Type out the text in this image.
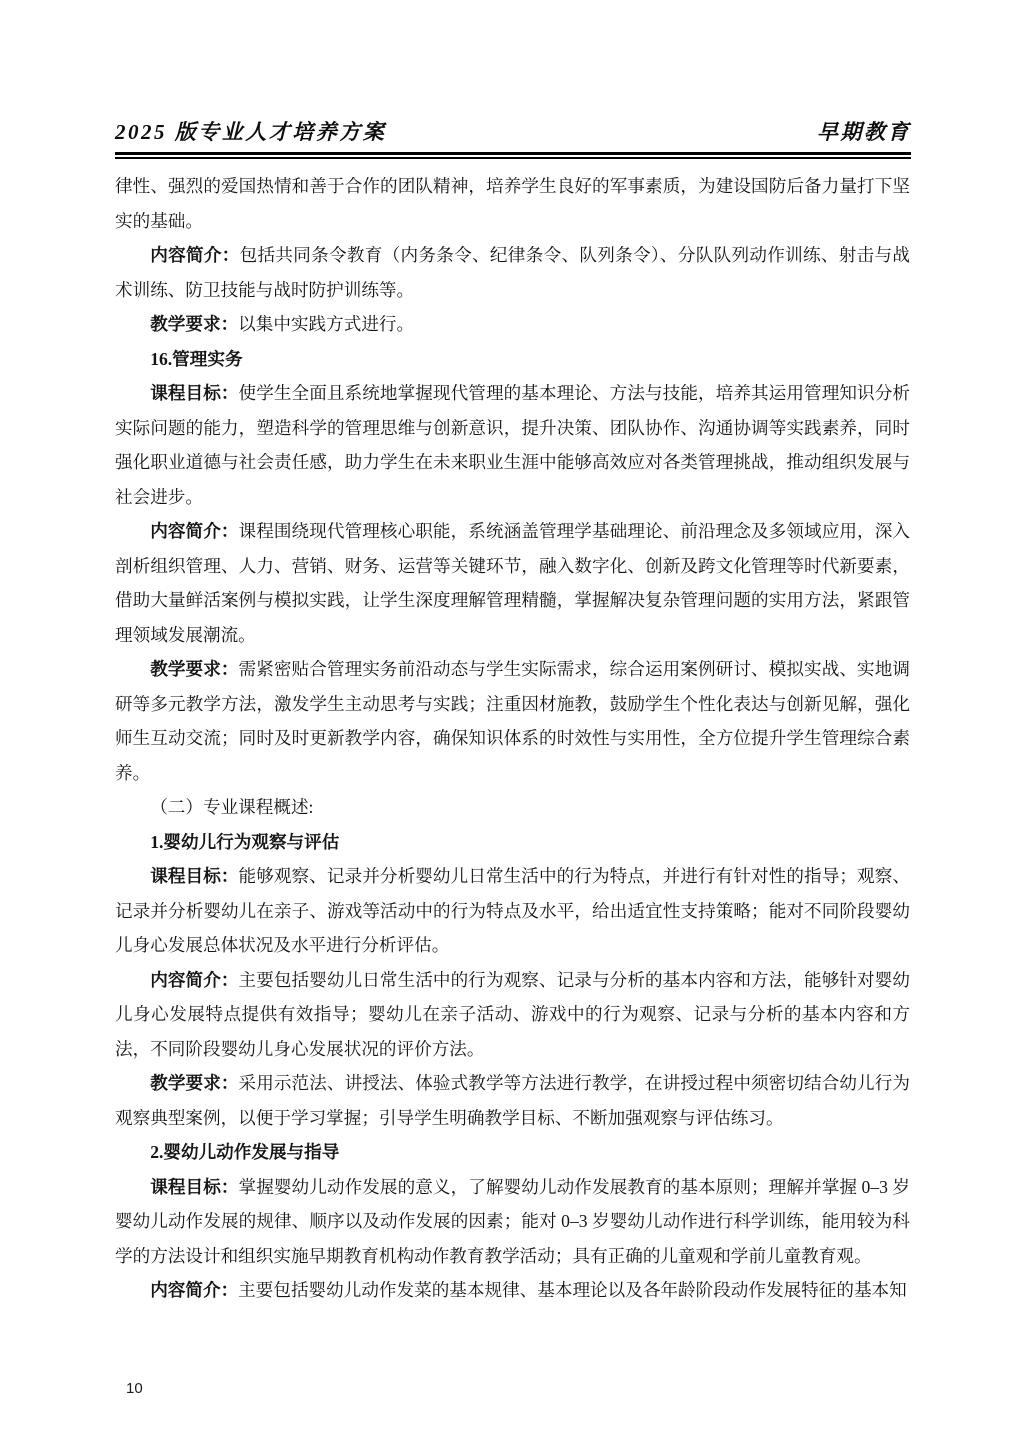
2025 版专业人才培养方案	早期教育

律性、强烈的爱国热情和善于合作的团队精神，培养学生良好的军事素质，为建设国防后备力量打下坚实的基础。

内容简介：包括共同条令教育（内务条令、纪律条令、队列条令）、分队队列动作训练、射击与战术训练、防卫技能与战时防护训练等。

教学要求：以集中实践方式进行。

16.管理实务

课程目标：使学生全面且系统地掌握现代管理的基本理论、方法与技能，培养其运用管理知识分析实际问题的能力，塑造科学的管理思维与创新意识，提升决策、团队协作、沟通协调等实践素养，同时强化职业道德与社会责任感，助力学生在未来职业生涯中能够高效应对各类管理挑战，推动组织发展与社会进步。

内容简介：课程围绕现代管理核心职能，系统涵盖管理学基础理论、前沿理念及多领域应用，深入剖析组织管理、人力、营销、财务、运营等关键环节，融入数字化、创新及跨文化管理等时代新要素，借助大量鲜活案例与模拟实践，让学生深度理解管理精髓，掌握解决复杂管理问题的实用方法，紧跟管理领域发展潮流。

教学要求：需紧密贴合管理实务前沿动态与学生实际需求，综合运用案例研讨、模拟实战、实地调研等多元教学方法，激发学生主动思考与实践；注重因材施教，鼓励学生个性化表达与创新见解，强化师生互动交流；同时及时更新教学内容，确保知识体系的时效性与实用性，全方位提升学生管理综合素养。

（二）专业课程概述:

1.婴幼儿行为观察与评估

课程目标：能够观察、记录并分析婴幼儿日常生活中的行为特点，并进行有针对性的指导；观察、记录并分析婴幼儿在亲子、游戏等活动中的行为特点及水平，给出适宜性支持策略；能对不同阶段婴幼儿身心发展总体状况及水平进行分析评估。

内容简介：主要包括婴幼儿日常生活中的行为观察、记录与分析的基本内容和方法，能够针对婴幼儿身心发展特点提供有效指导；婴幼儿在亲子活动、游戏中的行为观察、记录与分析的基本内容和方法，不同阶段婴幼儿身心发展状况的评价方法。

教学要求：采用示范法、讲授法、体验式教学等方法进行教学，在讲授过程中须密切结合幼儿行为观察典型案例，以便于学习掌握；引导学生明确教学目标、不断加强观察与评估练习。

2.婴幼儿动作发展与指导

课程目标：掌握婴幼儿动作发展的意义，了解婴幼儿动作发展教育的基本原则；理解并掌握 0–3 岁婴幼儿动作发展的规律、顺序以及动作发展的因素；能对 0–3 岁婴幼儿动作进行科学训练，能用较为科学的方法设计和组织实施早期教育机构动作教育教学活动；具有正确的儿童观和学前儿童教育观。

内容简介：主要包括婴幼儿动作发菜的基本规律、基本理论以及各年龄阶段动作发展特征的基本知

10
